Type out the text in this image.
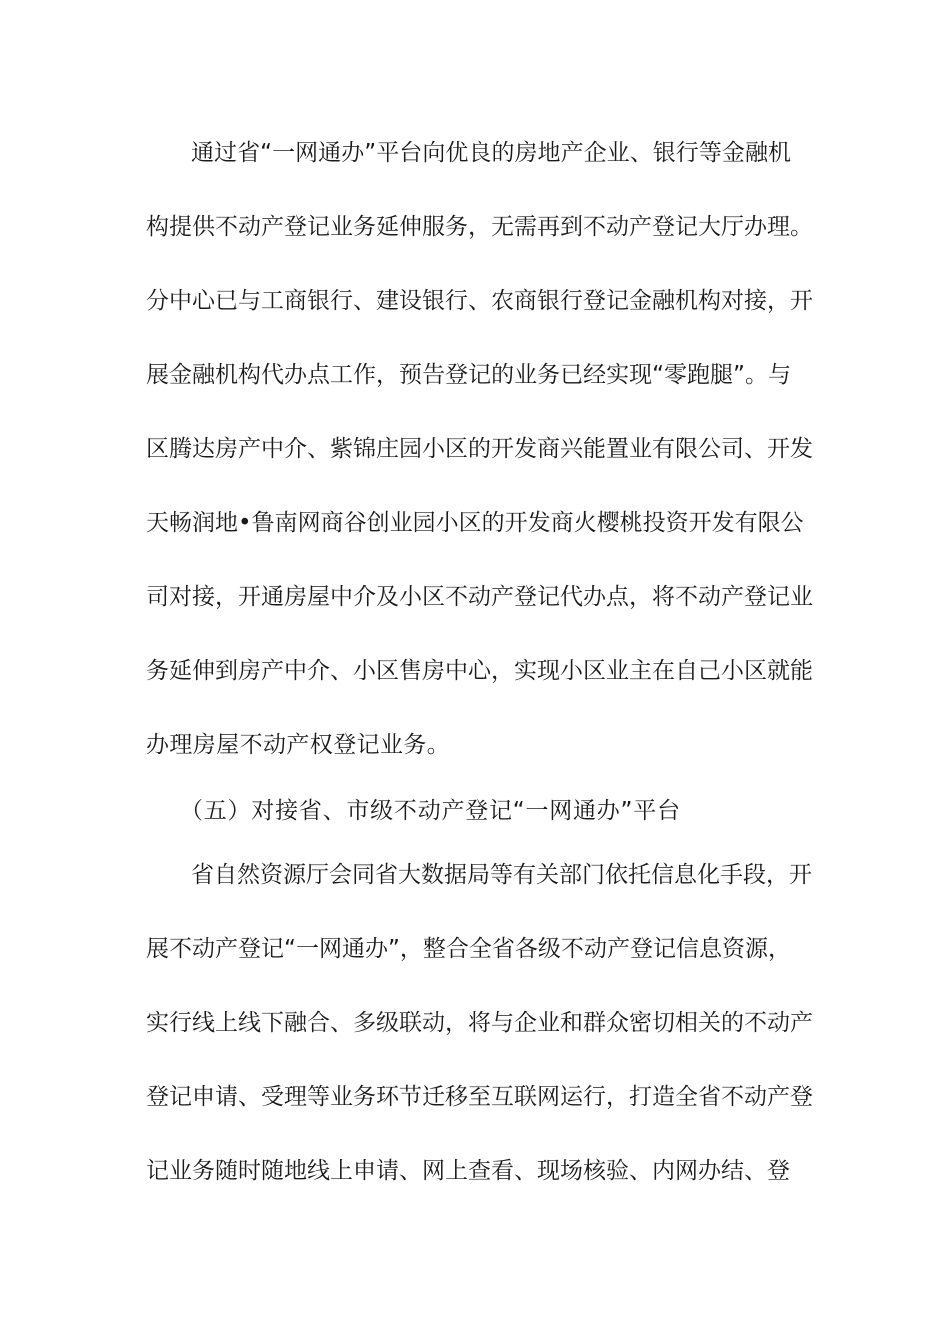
通过省“一网通办”平台向优良的房地产企业、银行等金融机
构提供不动产登记业务延伸服务，无需再到不动产登记大厅办理。
分中心已与工商银行、建设银行、农商银行登记金融机构对接，开
展金融机构代办点工作，预告登记的业务已经实现“零跑腿”。与
区腾达房产中介、紫锦庄园小区的开发商兴能置业有限公司、开发
天畅润地•鲁南网商谷创业园小区的开发商火樱桃投资开发有限公
司对接，开通房屋中介及小区不动产登记代办点，将不动产登记业
务延伸到房产中介、小区售房中心，实现小区业主在自己小区就能
办理房屋不动产权登记业务。
（五）对接省、市级不动产登记“一网通办”平台
省自然资源厅会同省大数据局等有关部门依托信息化手段，开
展不动产登记“一网通办”，整合全省各级不动产登记信息资源，
实行线上线下融合、多级联动，将与企业和群众密切相关的不动产
登记申请、受理等业务环节迁移至互联网运行，打造全省不动产登
记业务随时随地线上申请、网上查看、现场核验、内网办结、登
